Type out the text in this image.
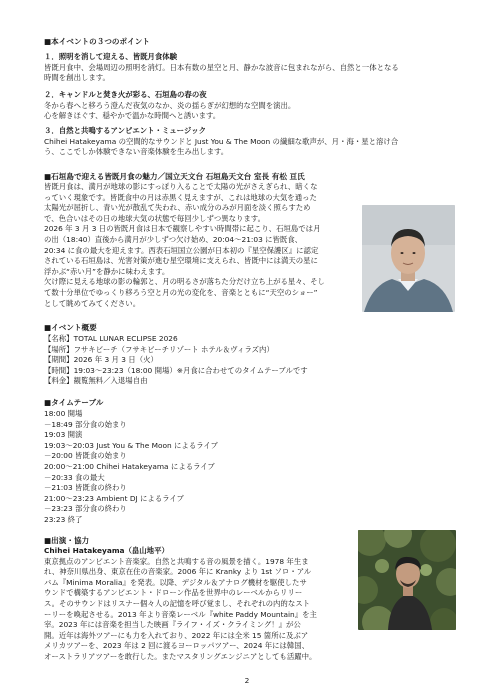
■本イベントの３つのポイント

１．照明を消して迎える、皆既月食体験

皆既月食中、会場周辺の照明を消灯。日本有数の星空と月、静かな波音に包まれながら、自然と一体となる

時間を創出します。

２．キャンドルと焚き火が彩る、石垣島の春の夜

冬から春へと移ろう澄んだ夜気のなか、炎の揺らぎが幻想的な空間を演出。

心を解きほぐす、穏やかで温かな時間へと誘います。

３．自然と共鳴するアンビエント・ミュージック

Chihei Hatakeyama の空間的なサウンドと Just You & The Moon の繊細な歌声が、月・海・星と溶け合

う、ここでしか体験できない音楽体験を生み出します。

■石垣島で迎える皆既月食の魅力／国立天文台 石垣島天文台 室長 有松 亘氏

皆既月食は、満月が地球の影にすっぽり入ることで太陽の光がさえぎられ、暗くな

っていく現象です。皆既食中の月は赤黒く見えますが、これは地球の大気を通った

太陽光が屈折し、青い光が散乱て失われ、赤い成分のみが月面を淡く照らすため

で、色合いはその日の地球大気の状態で毎回少しずつ異なります。

2026 年 3 月 3 日の皆既月食は日本で観察しやすい時間帯に起こり、石垣島では月

の出（18:40）直後から満月が少しずつ欠け始め、20:04～21:03 に皆既食、

20:34 に食の最大を迎えます。西表石垣国立公園が日本初の『星空保護区』に認定

されている石垣島は、光害対策が進む星空環境に支えられ、皆既中には満天の星に

浮かぶ“赤い月”を静かに味わえます。

欠け際に見える地球の影の輪郭と、月の明るさが落ちた分だけ立ち上がる星々、そし

て数十分単位でゆっくり移ろう空と月の光の変化を、音楽とともに“天空のショー”

として眺めてみてください。

■イベント概要

【名称】TOTAL LUNAR ECLIPSE 2026

【場所】フサキビーチ（フサキビーチリゾート ホテル＆ヴィラズ内）

【期間】2026 年 3 月 3 日（火）

【時間】19:03～23:23（18:00 開場）※月食に合わせてのタイムテーブルです

【料金】観覧無料／入退場自由

■タイムテーブル

18:00 開場

－18:49 部分食の始まり

19:03 開演

19:03～20:03 Just You & The Moon によるライブ

－20:00 皆既食の始まり

20:00～21:00 Chihei Hatakeyama によるライブ

－20:33 食の最大

－21:03 皆既食の終わり

21:00～23:23 Ambient DJ によるライブ

－23:23 部分食の終わり

23:23 終了

■出演・協力

Chihei Hatakeyama（畠山地平）

東京拠点のアンビエント音楽家。自然と共鳴する音の風景を描く。1978 年生ま

れ、神奈川県出身、東京在住の音楽家。2006 年に Kranky より 1st ソロ・アル

バム『Minima Moralia』を発表。以降、デジタル＆アナログ機材を駆使したサ

ウンドで構築するアンビエント・ドローン作品を世界中のレーベルからリリー

ス。そのサウンドはリスナー個々人の記憶を呼び覚まし、それぞれの内的なスト

ーリーを喚起させる。2013 年より音楽レーベル『white Paddy Mountain』を主

宰。2023 年には音楽を担当した映画『ライフ・イズ・クライミング！』が公

開。近年は海外ツアーにも力を入れており、2022 年には全米 15 箇所に及ぶア

メリカツアーを、2023 年は 2 回に渡るヨーロッパツアー、2024 年には韓国、

オーストラリアツアーを敢行した。またマスタリングエンジニアとしても活躍中。

2
